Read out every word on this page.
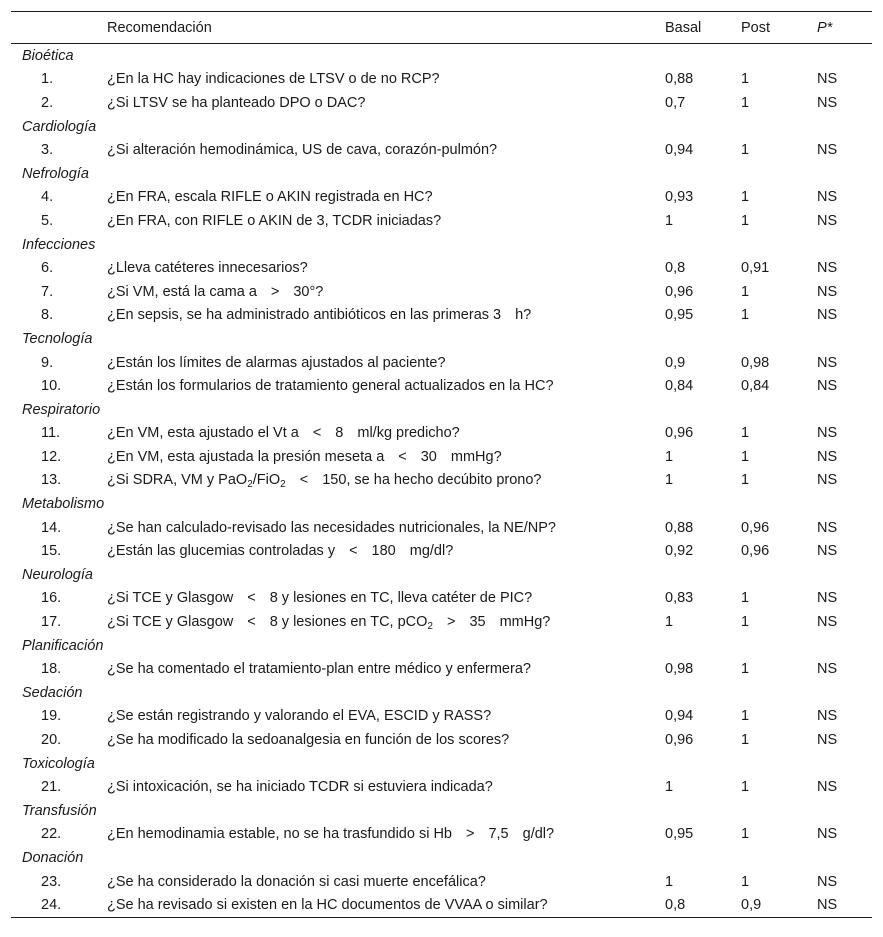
	Recomendación	Basal	Post	P*
Bioética				
1.	¿En la HC hay indicaciones de LTSV o de no RCP?	0,88	1	NS
2.	¿Si LTSV se ha planteado DPO o DAC?	0,7	1	NS
Cardiología				
3.	¿Si alteración hemodinámica, US de cava, corazón-pulmón?	0,94	1	NS
Nefrología				
4.	¿En FRA, escala RIFLE o AKIN registrada en HC?	0,93	1	NS
5.	¿En FRA, con RIFLE o AKIN de 3, TCDR iniciadas?	1	1	NS
Infecciones				
6.	¿Lleva catéteres innecesarios?	0,8	0,91	NS
7.	¿Si VM, está la cama a > 30°?	0,96	1	NS
8.	¿En sepsis, se ha administrado antibióticos en las primeras 3 h?	0,95	1	NS
Tecnología				
9.	¿Están los límites de alarmas ajustados al paciente?	0,9	0,98	NS
10.	¿Están los formularios de tratamiento general actualizados en la HC?	0,84	0,84	NS
Respiratorio				
11.	¿En VM, esta ajustado el Vt a < 8 ml/kg predicho?	0,96	1	NS
12.	¿En VM, esta ajustada la presión meseta a < 30 mmHg?	1	1	NS
13.	¿Si SDRA, VM y PaO$_2$/FiO$_2$ < 150, se ha hecho decúbito prono?	1	1	NS
Metabolismo				
14.	¿Se han calculado-revisado las necesidades nutricionales, la NE/NP?	0,88	0,96	NS
15.	¿Están las glucemias controladas y < 180 mg/dl?	0,92	0,96	NS
Neurología				
16.	¿Si TCE y Glasgow < 8 y lesiones en TC, lleva catéter de PIC?	0,83	1	NS
17.	¿Si TCE y Glasgow < 8 y lesiones en TC, pCO$_2$ > 35 mmHg?	1	1	NS
Planificación				
18.	¿Se ha comentado el tratamiento-plan entre médico y enfermera?	0,98	1	NS
Sedación				
19.	¿Se están registrando y valorando el EVA, ESCID y RASS?	0,94	1	NS
20.	¿Se ha modificado la sedoanalgesia en función de los scores?	0,96	1	NS
Toxicología				
21.	¿Si intoxicación, se ha iniciado TCDR si estuviera indicada?	1	1	NS
Transfusión				
22.	¿En hemodinamia estable, no se ha trasfundido si Hb > 7,5 g/dl?	0,95	1	NS
Donación				
23.	¿Se ha considerado la donación si casi muerte encefálica?	1	1	NS
24.	¿Se ha revisado si existen en la HC documentos de VVAA o similar?	0,8	0,9	NS
